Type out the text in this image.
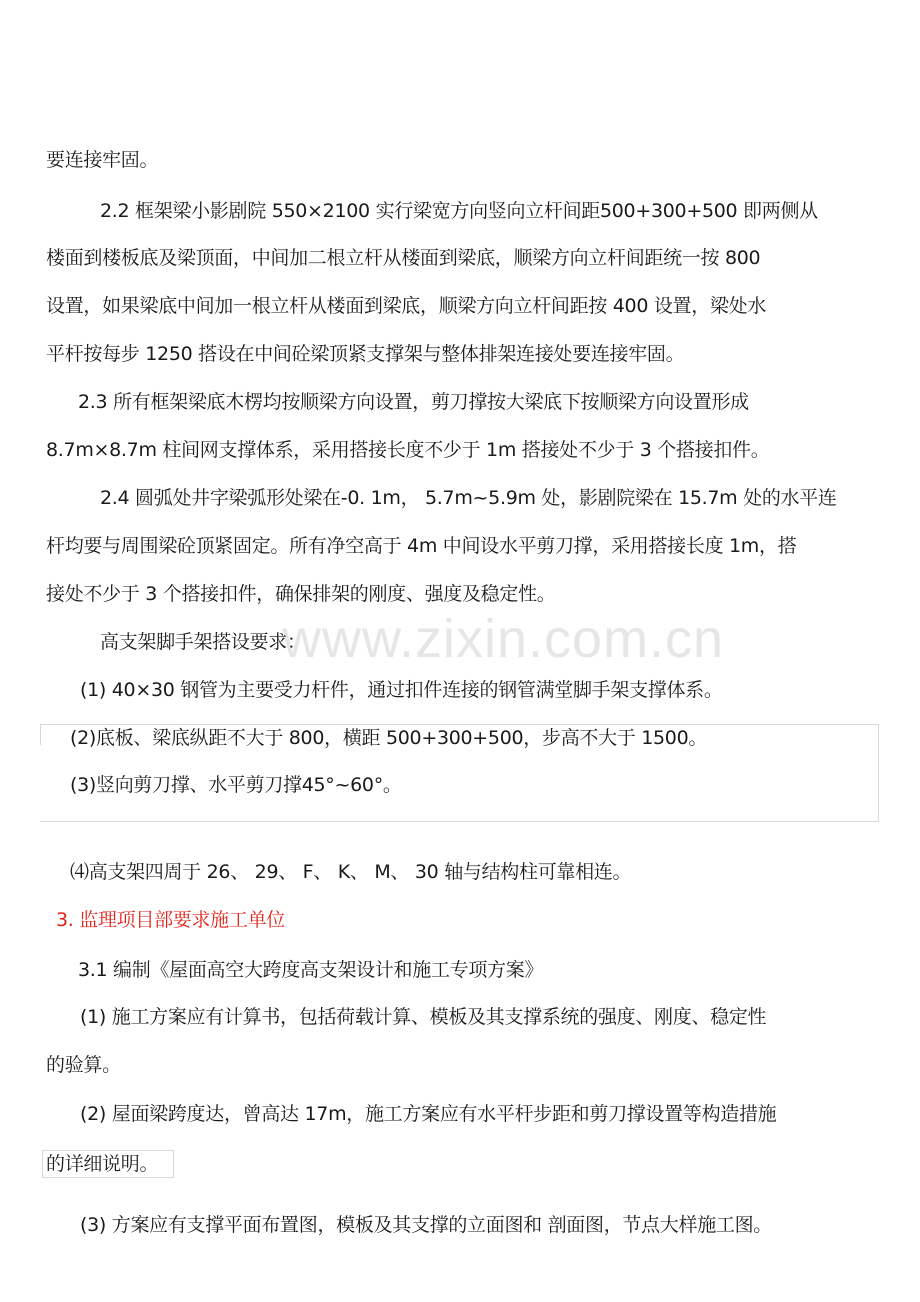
www.zixin.com.cn
要连接牢固。
2.2 框架梁小影剧院 550×2100 实行梁宽方向竖向立杆间距500+300+500 即两侧从
楼面到楼板底及梁顶面，中间加二根立杆从楼面到梁底，顺梁方向立杆间距统一按 800
设置，如果梁底中间加一根立杆从楼面到梁底，顺梁方向立杆间距按 400 设置，梁处水
平杆按每步 1250 搭设在中间砼梁顶紧支撑架与整体排架连接处要连接牢固。
2.3 所有框架梁底木楞均按顺梁方向设置，剪刀撑按大梁底下按顺梁方向设置形成
8.7m×8.7m 柱间网支撑体系，采用搭接长度不少于 1m 搭接处不少于 3 个搭接扣件。
2.4 圆弧处井字梁弧形处梁在-0. 1m， 5.7m~5.9m 处，影剧院梁在 15.7m 处的水平连
杆均要与周围梁砼顶紧固定。所有净空高于 4m 中间设水平剪刀撑，采用搭接长度 1m，搭
接处不少于 3 个搭接扣件，确保排架的刚度、强度及稳定性。
高支架脚手架搭设要求：
(1) 40×30 钢管为主要受力杆件，通过扣件连接的钢管满堂脚手架支撑体系。
(2)底板、梁底纵距不大于 800，横距 500+300+500，步高不大于 1500。
(3)竖向剪刀撑、水平剪刀撑45°~60°。
⑷高支架四周于 26、 29、 F、 K、 M、 30 轴与结构柱可靠相连。
3. 监理项目部要求施工单位
3.1 编制《屋面高空大跨度高支架设计和施工专项方案》
(1) 施工方案应有计算书，包括荷载计算、模板及其支撑系统的强度、刚度、稳定性
的验算。
(2) 屋面梁跨度达，曾高达 17m，施工方案应有水平杆步距和剪刀撑设置等构造措施
的详细说明。
(3) 方案应有支撑平面布置图，模板及其支撑的立面图和 剖面图，节点大样施工图。
